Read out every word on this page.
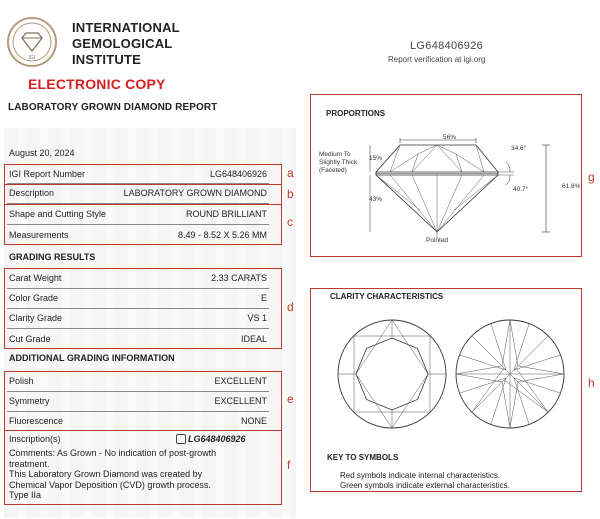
IGI
INTERNATIONAL
GEMOLOGICAL
INSTITUTE
ELECTRONIC COPY
LABORATORY GROWN DIAMOND REPORT
LG648406926
Report verification at igi.org
August 20, 2024
IGI Report Number	LG648406926
Description	LABORATORY GROWN DIAMOND
Shape and Cutting Style	ROUND BRILLIANT
Measurements	8.49 - 8.52 X 5.26 MM
GRADING RESULTS
Carat Weight	2.33 CARATS
Color Grade	E
Clarity Grade	VS 1
Cut Grade	IDEAL
ADDITIONAL GRADING INFORMATION
Polish	EXCELLENT
Symmetry	EXCELLENT
Fluorescence	NONE
Inscription(s)	LG648406926
Comments: As Grown - No indication of post-growth
treatment.
This Laboratory Grown Diamond was created by
Chemical Vapor Deposition (CVD) growth process.
Type IIa
a
b
c
d
e
f
PROPORTIONS
g
56%
34.6°
15%
40.7°
43%
61.8%
Medium To
Slightly Thick
(Faceted)
Pointed
CLARITY CHARACTERISTICS
h
KEY TO SYMBOLS
Red symbols indicate internal characteristics.
Green symbols indicate external characteristics.
